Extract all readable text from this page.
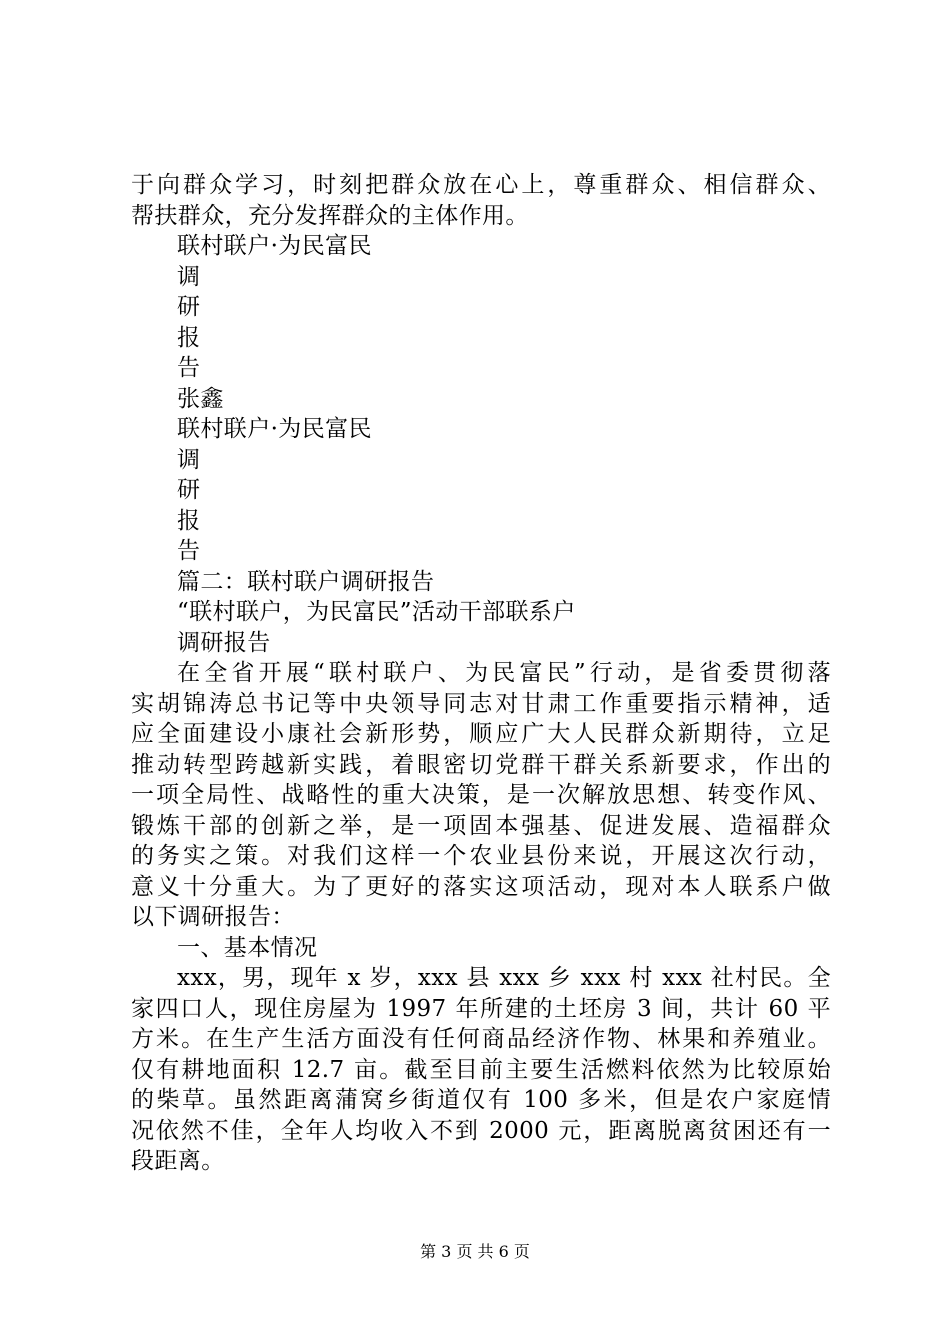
于向群众学习，时刻把群众放在心上，尊重群众、相信群众、
帮扶群众，充分发挥群众的主体作用。
联村联户·为民富民
调
研
报
告
张鑫
联村联户·为民富民
调
研
报
告
篇二：联村联户调研报告
“联村联户，为民富民”活动干部联系户
调研报告
在全省开展“联村联户、为民富民”行动，是省委贯彻落
实胡锦涛总书记等中央领导同志对甘肃工作重要指示精神，适
应全面建设小康社会新形势，顺应广大人民群众新期待，立足
推动转型跨越新实践，着眼密切党群干群关系新要求，作出的
一项全局性、战略性的重大决策，是一次解放思想、转变作风、
锻炼干部的创新之举，是一项固本强基、促进发展、造福群众
的务实之策。对我们这样一个农业县份来说，开展这次行动，
意义十分重大。为了更好的落实这项活动，现对本人联系户做
以下调研报告：
一、基本情况
xxx，男，现年 x 岁，xxx 县 xxx 乡 xxx 村 xxx 社村民。全
家四口人，现住房屋为 1997 年所建的土坯房 3 间，共计 60 平
方米。在生产生活方面没有任何商品经济作物、林果和养殖业。
仅有耕地面积 12.7 亩。截至目前主要生活燃料依然为比较原始
的柴草。虽然距离蒲窝乡街道仅有 100 多米，但是农户家庭情
况依然不佳，全年人均收入不到 2000 元，距离脱离贫困还有一
段距离。
第 3 页 共 6 页
